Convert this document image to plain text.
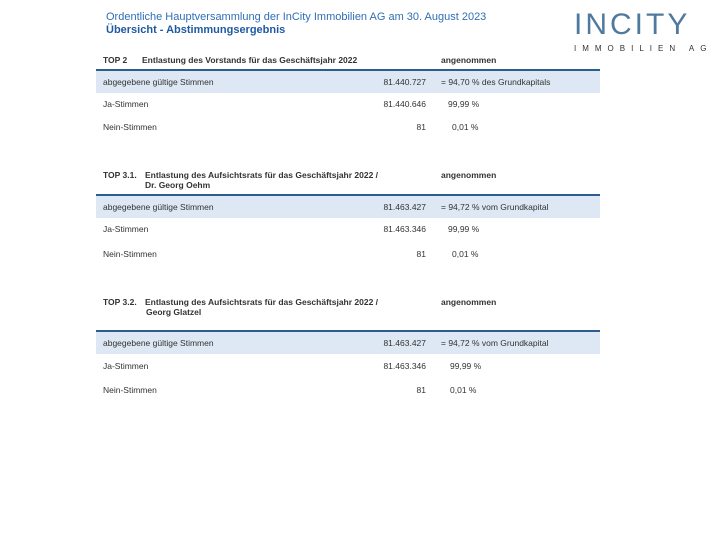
Ordentliche Hauptversammlung der InCity Immobilien AG am 30. August 2023
Übersicht - Abstimmungsergebnis	INCITY
IMMOBILIEN AG
TOP 2 Entlastung des Vorstands für das Geschäftsjahr 2022	angenommen
abgegebene gültige Stimmen	81.440.727 = 94,70 % des Grundkapitals
Ja-Stimmen	81.440.646	99,99 %
Nein-Stimmen	81	0,01 %
TOP 3.1. Entlastung des Aufsichtsrats für das Geschäftsjahr 2022 /
Dr. Georg Oehm
angenommen
abgegebene gültige Stimmen	81.463.427 = 94,72 % vom Grundkapital
Ja-Stimmen	81.463.346	99,99 %
Nein-Stimmen	81	0,01 %
TOP 3.2. Entlastung des Aufsichtsrats für das Geschäftsjahr 2022 /
Georg Glatzel
angenommen
abgegebene gültige Stimmen	81.463.427 = 94,72 % vom Grundkapital
Ja-Stimmen	81.463.346	99,99 %
Nein-Stimmen	81	0,01 %
